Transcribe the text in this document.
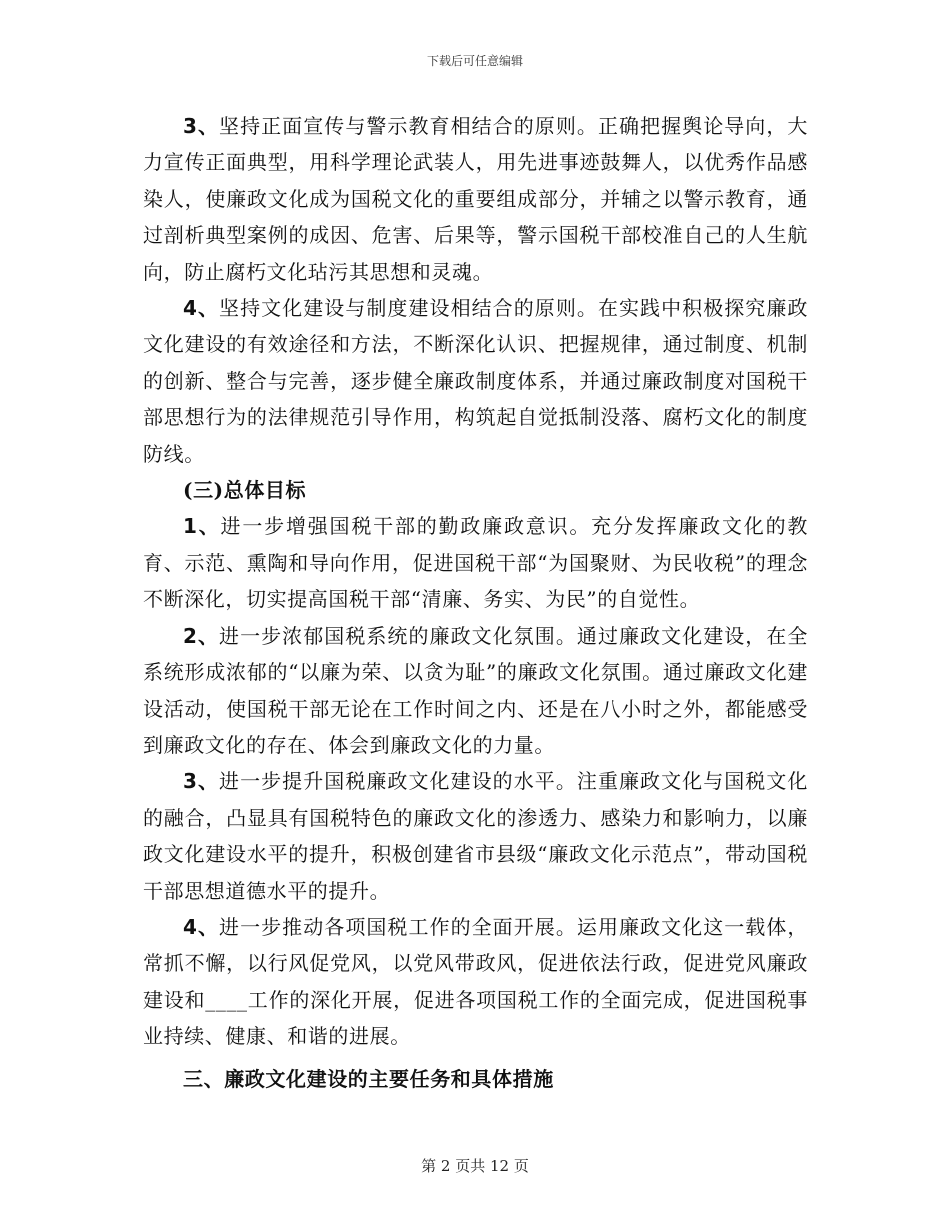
下载后可任意编辑

3、坚持正面宣传与警示教育相结合的原则。正确把握舆论导向，大力宣传正面典型，用科学理论武装人，用先进事迹鼓舞人，以优秀作品感染人，使廉政文化成为国税文化的重要组成部分，并辅之以警示教育，通过剖析典型案例的成因、危害、后果等，警示国税干部校准自己的人生航向，防止腐朽文化玷污其思想和灵魂。

4、坚持文化建设与制度建设相结合的原则。在实践中积极探究廉政文化建设的有效途径和方法，不断深化认识、把握规律，通过制度、机制的创新、整合与完善，逐步健全廉政制度体系，并通过廉政制度对国税干部思想行为的法律规范引导作用，构筑起自觉抵制没落、腐朽文化的制度防线。

(三)总体目标

1、进一步增强国税干部的勤政廉政意识。充分发挥廉政文化的教育、示范、熏陶和导向作用，促进国税干部“为国聚财、为民收税”的理念不断深化，切实提高国税干部“清廉、务实、为民”的自觉性。

2、进一步浓郁国税系统的廉政文化氛围。通过廉政文化建设，在全系统形成浓郁的“以廉为荣、以贪为耻”的廉政文化氛围。通过廉政文化建设活动，使国税干部无论在工作时间之内、还是在八小时之外，都能感受到廉政文化的存在、体会到廉政文化的力量。

3、进一步提升国税廉政文化建设的水平。注重廉政文化与国税文化的融合，凸显具有国税特色的廉政文化的渗透力、感染力和影响力，以廉政文化建设水平的提升，积极创建省市县级“廉政文化示范点”，带动国税干部思想道德水平的提升。

4、进一步推动各项国税工作的全面开展。运用廉政文化这一载体，常抓不懈，以行风促党风，以党风带政风，促进依法行政，促进党风廉政建设和____工作的深化开展，促进各项国税工作的全面完成，促进国税事业持续、健康、和谐的进展。

三、廉政文化建设的主要任务和具体措施

第 2 页共 12 页
